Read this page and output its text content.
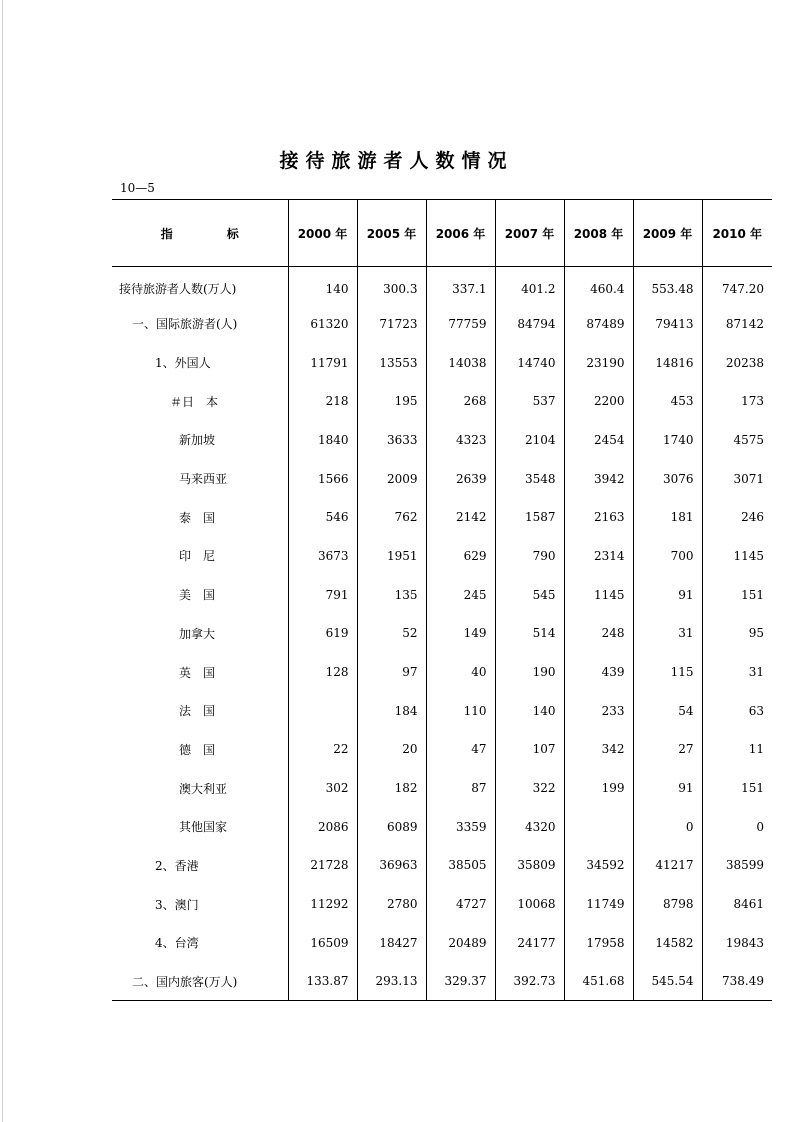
接待旅游者人数情况
10—5
指 标	2000 年	2005 年	2006 年	2007 年	2008 年	2009 年	2010 年
接待旅游者人数(万人)	140	300.3	337.1	401.2	460.4	553.48	747.20
一、国际旅游者(人)	61320	71723	77759	84794	87489	79413	87142
1、外国人	11791	13553	14038	14740	23190	14816	20238
＃日　本	218	195	268	537	2200	453	173
新加坡	1840	3633	4323	2104	2454	1740	4575
马来西亚	1566	2009	2639	3548	3942	3076	3071
泰　国	546	762	2142	1587	2163	181	246
印　尼	3673	1951	629	790	2314	700	1145
美　国	791	135	245	545	1145	91	151
加拿大	619	52	149	514	248	31	95
英　国	128	97	40	190	439	115	31
法　国		184	110	140	233	54	63
德　国	22	20	47	107	342	27	11
澳大利亚	302	182	87	322	199	91	151
其他国家	2086	6089	3359	4320		0	0
2、香港	21728	36963	38505	35809	34592	41217	38599
3、澳门	11292	2780	4727	10068	11749	8798	8461
4、台湾	16509	18427	20489	24177	17958	14582	19843
二、国内旅客(万人)	133.87	293.13	329.37	392.73	451.68	545.54	738.49
